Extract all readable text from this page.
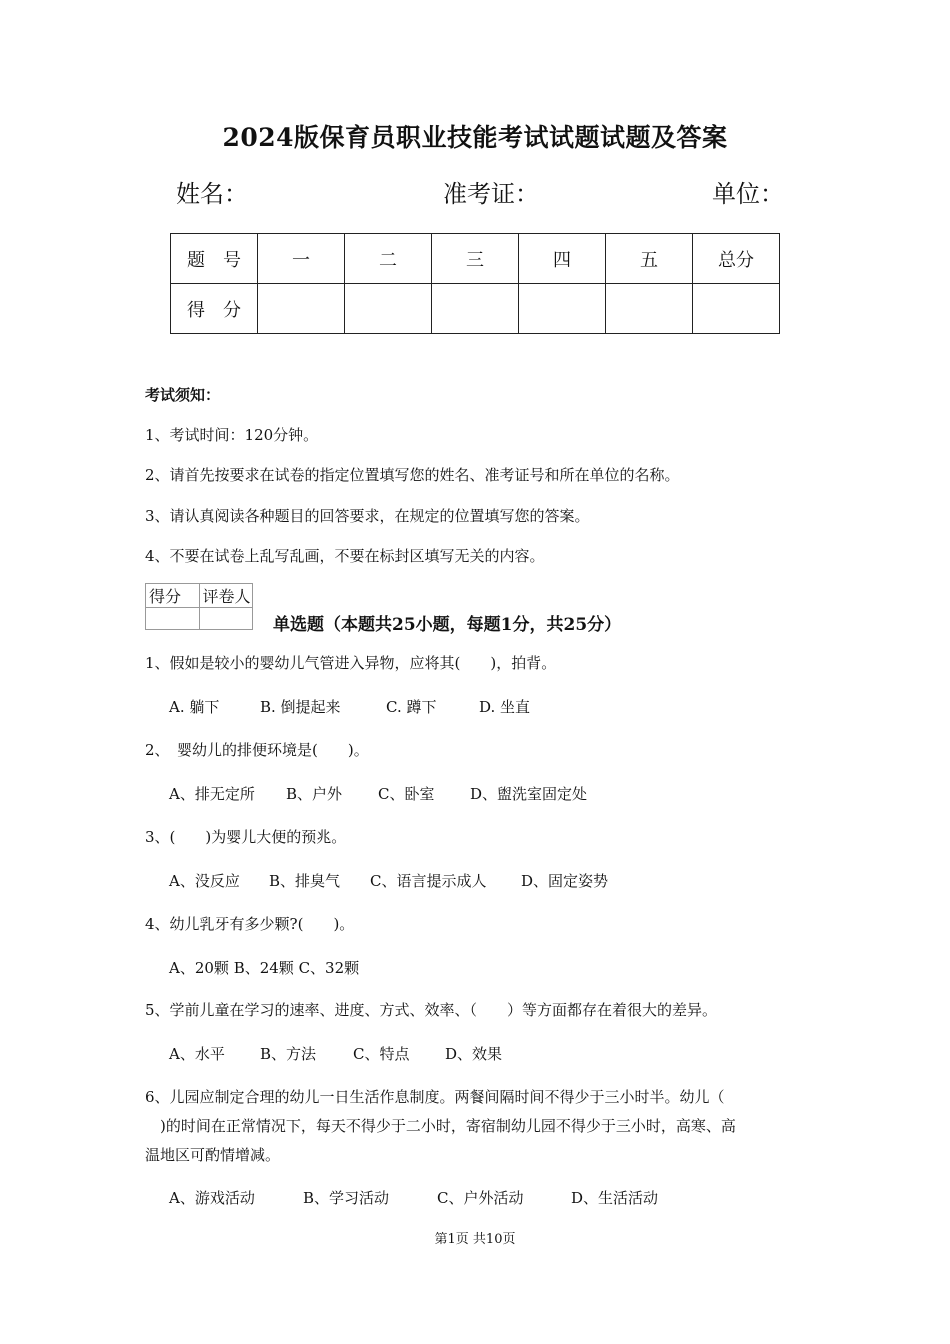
2024版保育员职业技能考试试题试题及答案
姓名：	准考证：	单位：
题　号	一	二	三	四	五	总分
得　分						
考试须知：
1、考试时间：120分钟。
2、请首先按要求在试卷的指定位置填写您的姓名、准考证号和所在单位的名称。
3、请认真阅读各种题目的回答要求，在规定的位置填写您的答案。
4、不要在试卷上乱写乱画，不要在标封区填写无关的内容。
得分	评卷人

单选题（本题共25小题，每题1分，共25分）
1、假如是较小的婴幼儿气管进入异物，应将其(　　)，拍背。
A. 躺下	B. 倒提起来	C. 蹲下	D. 坐直
2、　婴幼儿的排便环境是(　　)。
A、排无定所 B、户外 C、卧室 D、盥洗室固定处
3、(　　)为婴儿大便的预兆。
A、没反应 B、排臭气 C、语言提示成人 D、固定姿势
4、幼儿乳牙有多少颗?(　　)。
A、20颗 B、24颗 C、32颗
5、学前儿童在学习的速率、进度、方式、效率、（　　）等方面都存在着很大的差异。
A、水平 B、方法 C、特点 D、效果
6、儿园应制定合理的幼儿一日生活作息制度。两餐间隔时间不得少于三小时半。幼儿（
　)的时间在正常情况下，每天不得少于二小时，寄宿制幼儿园不得少于三小时，高寒、高
温地区可酌情增减。
A、游戏活动	B、学习活动	C、户外活动	D、生活活动
第1页 共10页
